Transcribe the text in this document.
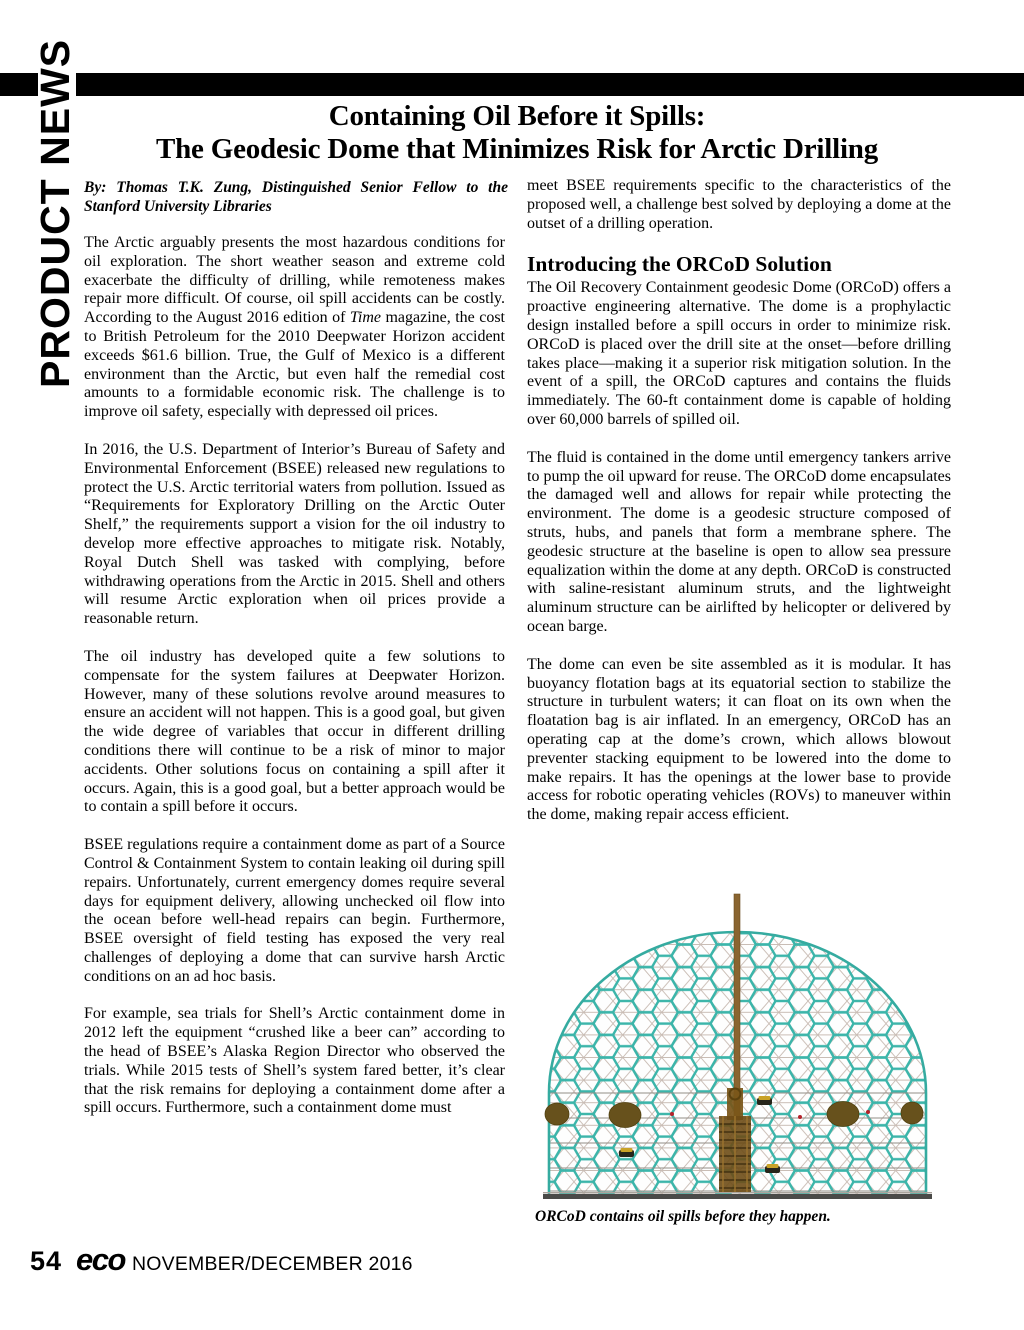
PRODUCT NEWS	Containing Oil Before it Spills:
The Geodesic Dome that Minimizes Risk for Arctic Drilling
By: Thomas T.K. Zung, Distinguished Senior Fellow to the Stanford University Libraries

The Arctic arguably presents the most hazardous conditions for oil exploration. The short weather season and extreme cold exacerbate the difficulty of drilling, while remoteness makes repair more difficult. Of course, oil spill accidents can be costly. According to the August 2016 edition of Time magazine, the cost to British Petroleum for the 2010 Deepwater Horizon accident exceeds $61.6 billion. True, the Gulf of Mexico is a different environment than the Arctic, but even half the remedial cost amounts to a formidable economic risk. The challenge is to improve oil safety, especially with depressed oil prices.

In 2016, the U.S. Department of Interior’s Bureau of Safety and Environmental Enforcement (BSEE) released new regulations to protect the U.S. Arctic territorial waters from pollution. Issued as “Requirements for Exploratory Drilling on the Arctic Outer Shelf,” the requirements support a vision for the oil industry to develop more effective approaches to mitigate risk. Notably, Royal Dutch Shell was tasked with complying, before withdrawing operations from the Arctic in 2015. Shell and others will resume Arctic exploration when oil prices provide a reasonable return.

The oil industry has developed quite a few solutions to compensate for the system failures at Deepwater Horizon. However, many of these solutions revolve around measures to ensure an accident will not happen. This is a good goal, but given the wide degree of variables that occur in different drilling conditions there will continue to be a risk of minor to major accidents. Other solutions focus on containing a spill after it occurs. Again, this is a good goal, but a better approach would be to contain a spill before it occurs.

BSEE regulations require a containment dome as part of a Source Control & Containment System to contain leaking oil during spill repairs. Unfortunately, current emergency domes require several days for equipment delivery, allowing unchecked oil flow into the ocean before well-head repairs can begin. Furthermore, BSEE oversight of field testing has exposed the very real challenges of deploying a dome that can survive harsh Arctic conditions on an ad hoc basis.

For example, sea trials for Shell’s Arctic containment dome in 2012 left the equipment “crushed like a beer can” according to the head of BSEE’s Alaska Region Director who observed the trials. While 2015 tests of Shell’s system fared better, it’s clear that the risk remains for deploying a containment dome after a spill occurs. Furthermore, such a containment dome must

meet BSEE requirements specific to the characteristics of the proposed well, a challenge best solved by deploying a dome at the outset of a drilling operation.

Introducing the ORCoD Solution

The Oil Recovery Containment geodesic Dome (ORCoD) offers a proactive engineering alternative. The dome is a prophylactic design installed before a spill occurs in order to minimize risk. ORCoD is placed over the drill site at the onset—before drilling takes place—making it a superior risk mitigation solution. In the event of a spill, the ORCoD captures and contains the fluids immediately. The 60-ft containment dome is capable of holding over 60,000 barrels of spilled oil.

The fluid is contained in the dome until emergency tankers arrive to pump the oil upward for reuse. The ORCoD dome encapsulates the damaged well and allows for repair while protecting the environment. The dome is a geodesic structure composed of struts, hubs, and panels that form a membrane sphere. The geodesic structure at the baseline is open to allow sea pressure equalization within the dome at any depth. ORCoD is constructed with saline-resistant aluminum struts, and the lightweight aluminum structure can be airlifted by helicopter or delivered by ocean barge.

The dome can even be site assembled as it is modular. It has buoyancy flotation bags at its equatorial section to stabilize the structure in turbulent waters; it can float on its own when the floatation bag is air inflated. In an emergency, ORCoD has an operating cap at the dome’s crown, which allows blowout preventer stacking equipment to be lowered into the dome to make repairs. It has the openings at the lower base to provide access for robotic operating vehicles (ROVs) to maneuver within the dome, making repair access efficient.

ORCoD contains oil spills before they happen.
54 eco NOVEMBER/DECEMBER 2016
